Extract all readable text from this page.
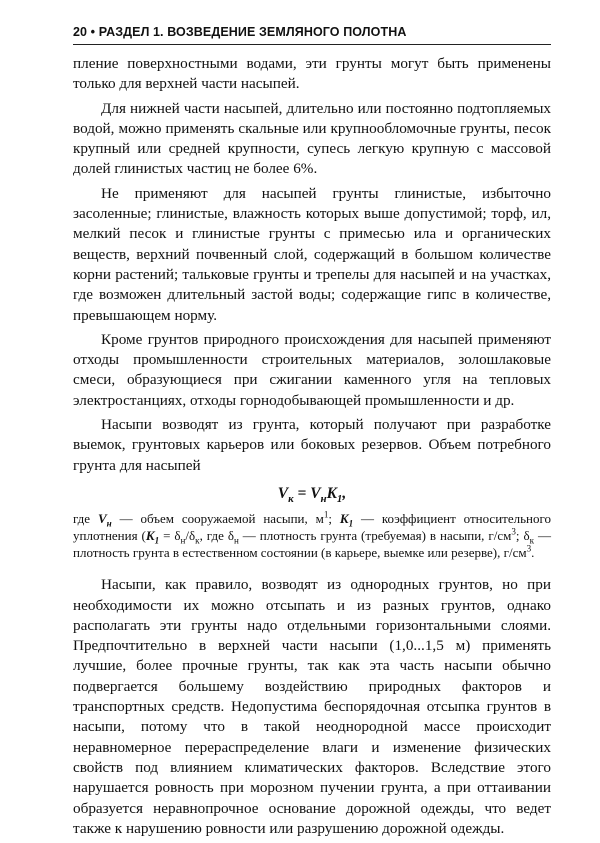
20 • РАЗДЕЛ 1. ВОЗВЕДЕНИЕ ЗЕМЛЯНОГО ПОЛОТНА

пление поверхностными водами, эти грунты могут быть применены только для верхней части насыпей.

Для нижней части насыпей, длительно или постоянно подтопляемых водой, можно применять скальные или крупнообломочные грунты, песок крупный или средней крупности, супесь легкую крупную с массовой долей глинистых частиц не более 6%.

Не применяют для насыпей грунты глинистые, избыточно засоленные; глинистые, влажность которых выше допустимой; торф, ил, мелкий песок и глинистые грунты с примесью ила и органических веществ, верхний почвенный слой, содержащий в большом количестве корни растений; тальковые грунты и трепелы для насыпей и на участках, где возможен длительный застой воды; содержащие гипс в количестве, превышающем норму.

Кроме грунтов природного происхождения для насыпей применяют отходы промышленности строительных материалов, золошлаковые смеси, образующиеся при сжигании каменного угля на тепловых электростанциях, отходы горнодобывающей промышленности и др.

Насыпи возводят из грунта, который получают при разработке выемок, грунтовых карьеров или боковых резервов. Объем потребного грунта для насыпей

$V_к = V_нK_1$,
где $V_н$ — объем сооружаемой насыпи, $м^1$; $K_1$ — коэффициент относительного уплотнения ($K_1 = \delta_н/\delta_к$, где $\delta_н$ — плотность грунта (требуемая) в насыпи, $г/см^3$; $\delta_к$ — плотность грунта в естественном состоянии (в карьере, выемке или резерве), $г/см^3$.

Насыпи, как правило, возводят из однородных грунтов, но при необходимости их можно отсыпать и из разных грунтов, однако располагать эти грунты надо отдельными горизонтальными слоями. Предпочтительно в верхней части насыпи (1,0...1,5 м) применять лучшие, более прочные грунты, так как эта часть насыпи обычно подвергается большему воздействию природных факторов и транспортных средств. Недопустима беспорядочная отсыпка грунтов в насыпи, потому что в такой неоднородной массе происходит неравномерное перераспределение влаги и изменение физических свойств под влиянием климатических факторов. Вследствие этого нарушается ровность при морозном пучении грунта, а при оттаивании образуется неравнопрочное основание дорожной одежды, что ведет также к нарушению ровности или разрушению дорожной одежды.
